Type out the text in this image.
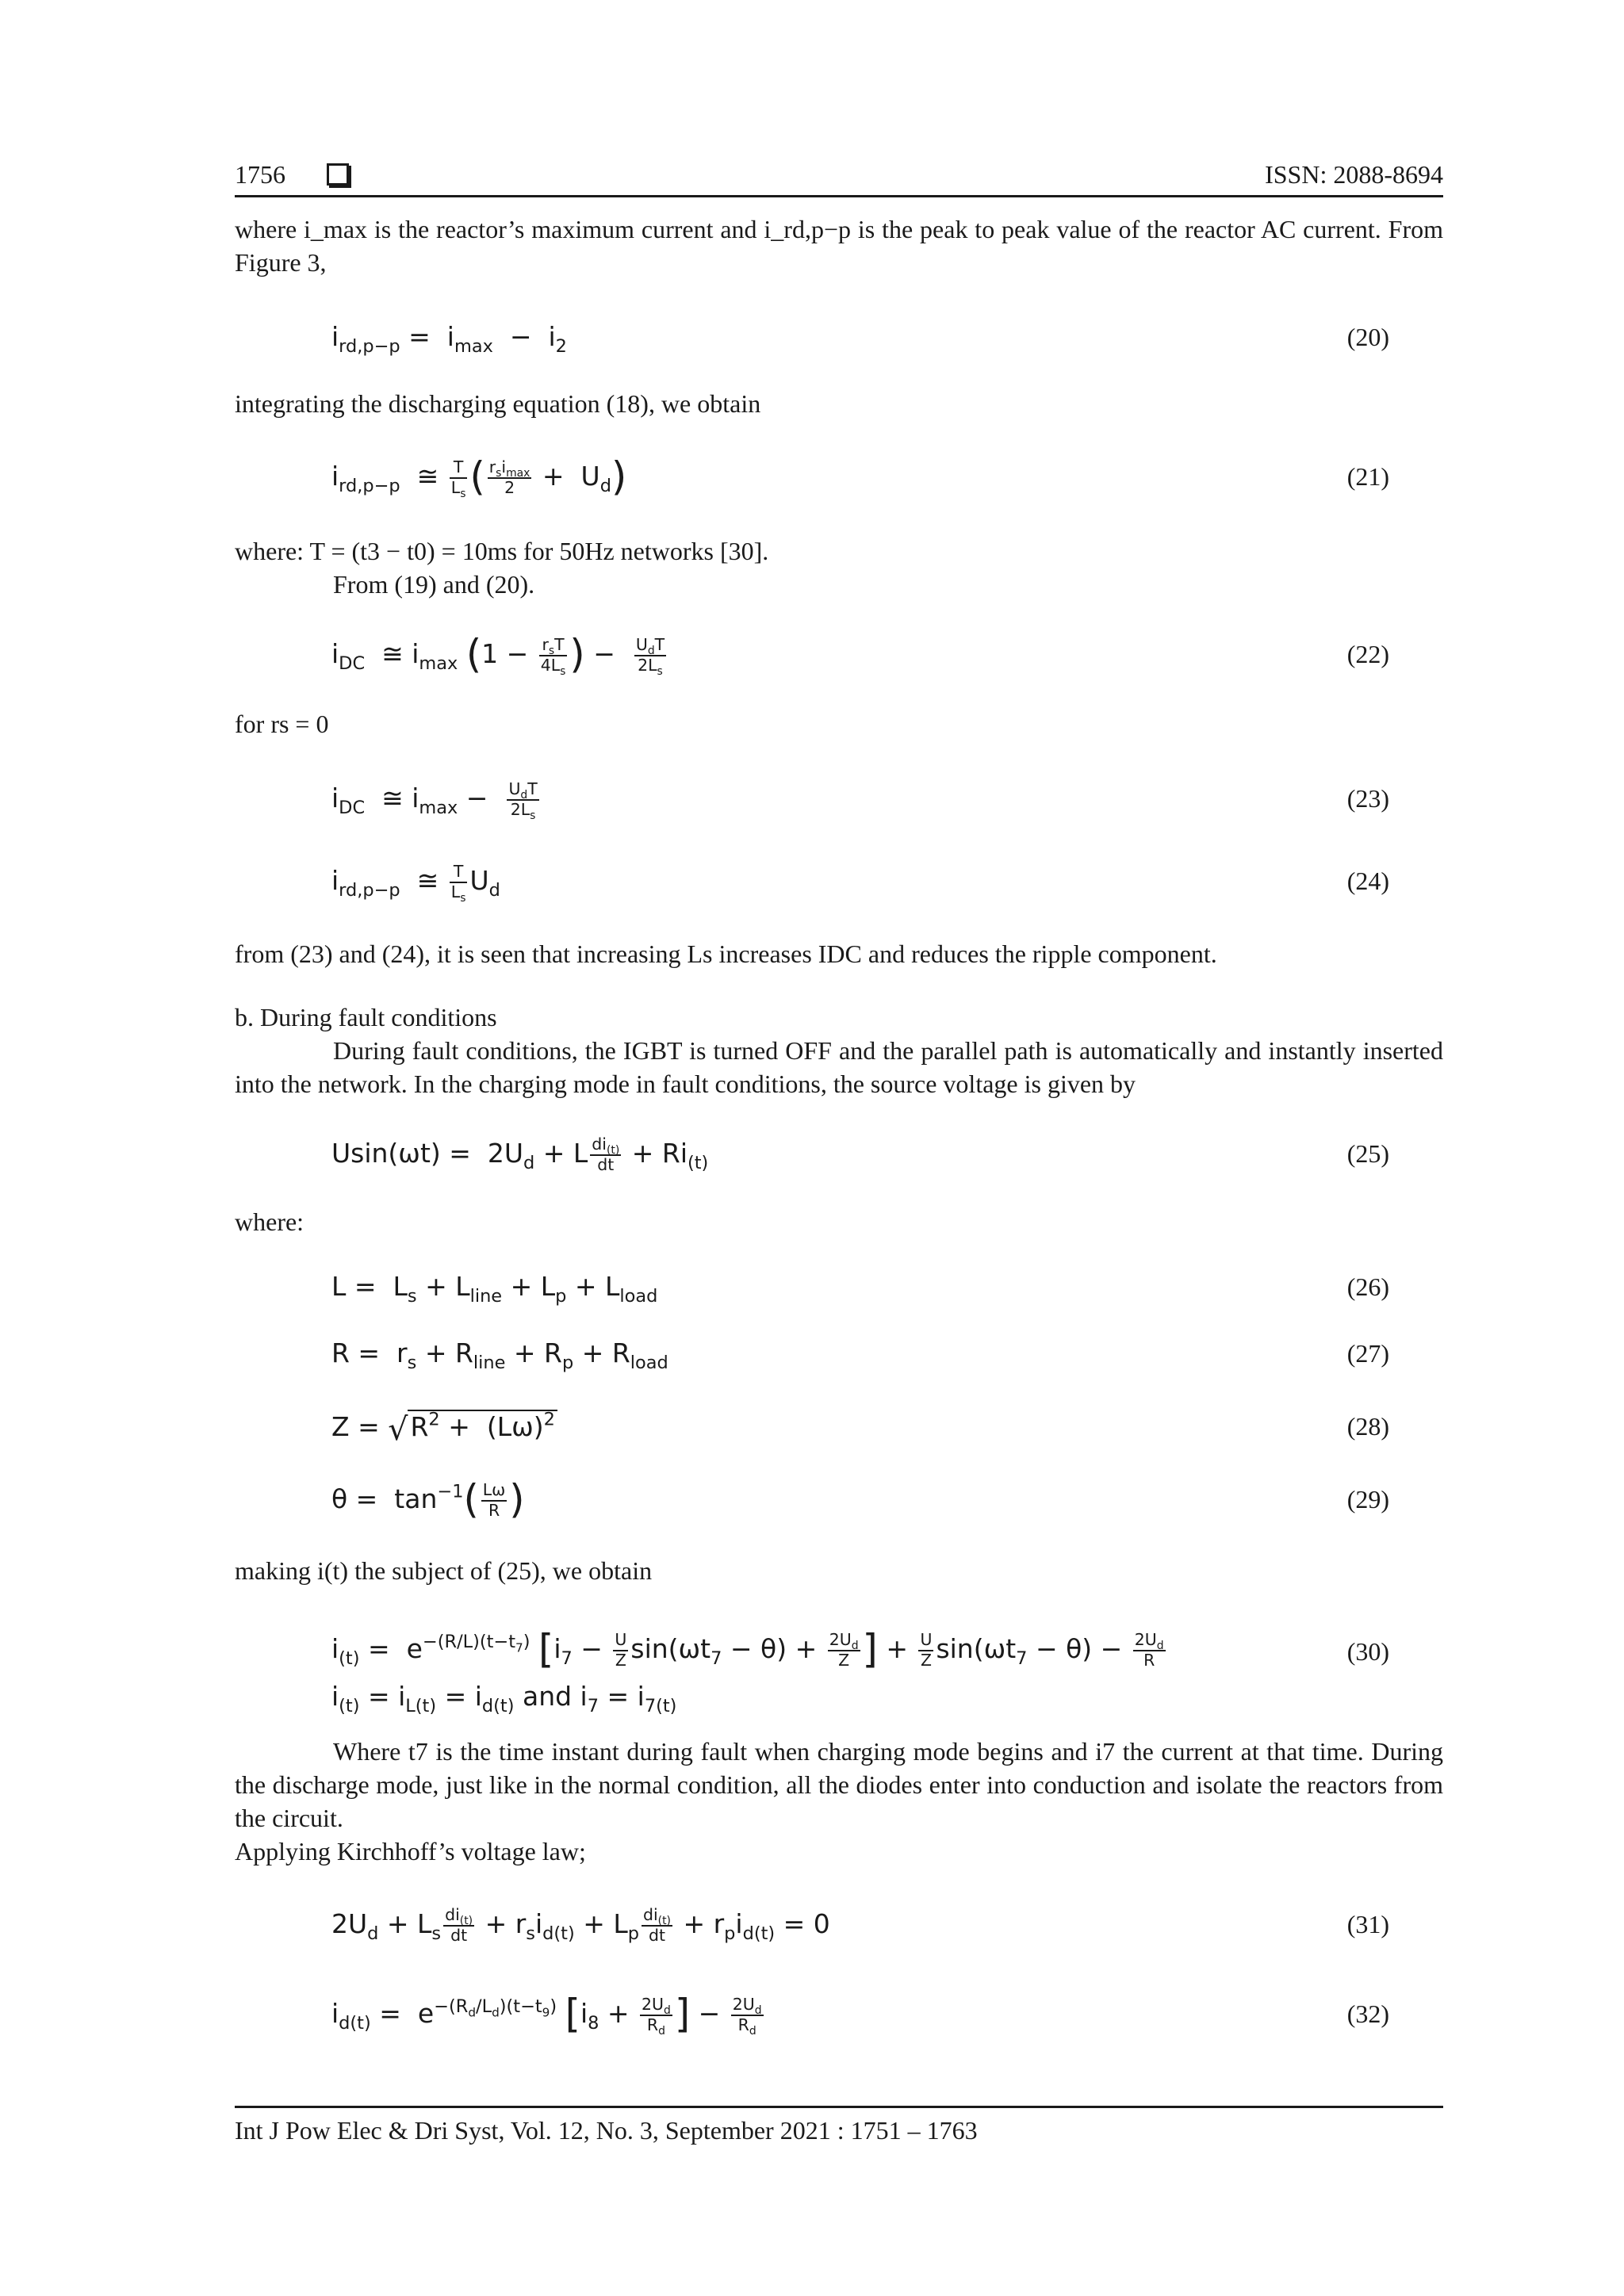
1756	ISSN: 2088-8694
where i_max is the reactor’s maximum current and i_rd,p−p is the peak to peak value of the reactor AC current. From Figure 3,
$i_{rd,p-p} = i_{max} - i_2$	(20)
integrating the discharging equation (18), we obtain
$i_{rd,p-p}$  ≅ $\frac{T}{L_s}$ ( $\frac{r_si_{max}}{2} + U_d$)	(21)
where: T = (t3 − t0) = 10ms for 50Hz networks [30].
From (19) and (20).
$i_{DC}$  ≅ $i_{max}$ ($1 - \frac{r_sT}{4L_s}$ ) − $\frac{U_dT}{2L_s}$	(22)
for rs = 0
$i_{DC}$  ≅ $i_{max} - \frac{U_dT}{2L_s}$	(23)
$i_{rd,p-p}$  ≅ $\frac{T}{L_s} U_d$	(24)
from (23) and (24), it is seen that increasing Ls increases IDC and reduces the ripple component.
b. During fault conditions
During fault conditions, the IGBT is turned OFF and the parallel path is automatically and instantly inserted into the network. In the charging mode in fault conditions, the source voltage is given by
$Usin(\omega t) = 2U_d + L \frac{di_{(t)}}{dt} + Ri_{(t)}$	(25)
where:
$L = L_s + L_{line} + L_p + L_{load}$	(26)
$R = r_s + R_{line} + R_p + R_{load}$	(27)
$Z = √R^2 + (L\omega)^2$	(28)
$\theta = \tan^{-1}( \frac{L\omega}{R}$ )	(29)
making i(t) the subject of (25), we obtain
$i_{(t)} = e^{-(R/L)(t-t_7)}$ [$i_7 - \frac{U}{Z} \sin(\omega t_7 - \theta) + \frac{2U_d}{Z}$ ] + $\frac{U}{Z} \sin(\omega t_7 - \theta) - \frac{2U_d}{R}$	(30)
$i_{(t)} = i_{L(t)} = i_{d(t)}$ and $i_7 = i_{7(t)}$
Where t7 is the time instant during fault when charging mode begins and i7 the current at that time. During the discharge mode, just like in the normal condition, all the diodes enter into conduction and isolate the reactors from the circuit.
Applying Kirchhoff’s voltage law;
$2U_d + L_s \frac{di_{(t)}}{dt} + r_si_{d(t)} + L_p \frac{di_{(t)}}{dt} + r_pi_{d(t)} = 0$	(31)
$i_{d(t)} = e^{-(R_d/L_d)(t-t_9)}$ [$i_8 + \frac{2U_d}{R_d}$ ] − $\frac{2U_d}{R_d}$	(32)
Int J Pow Elec & Dri Syst, Vol. 12, No. 3, September 2021 : 1751 – 1763
